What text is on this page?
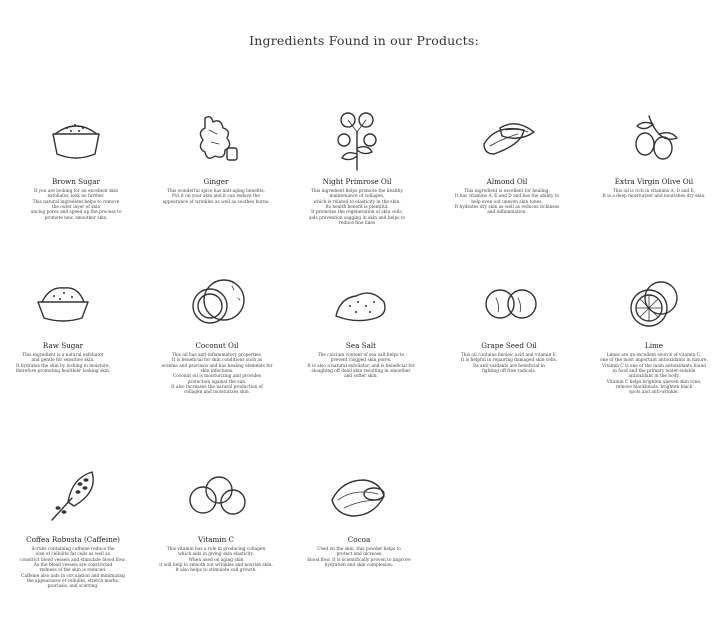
Ingredients Found in our Products:
Brown Sugar
If you are looking for an excellent skin
exfoliator, look no further.
This natural ingredient helps to remove
the outer layer of skin
unclog pores and speed up the process to
promote new, smoother skin.
Ginger
This wonderful spice has anti-aging benefits.
Put it on your skin and it can reduce the
appearance of wrinkles as well as soothes burns.
Night Primrose Oil
This ingredient helps promote the healthy
maintenance of collagen,
which is related to elasticity in the skin.
Its health benefit is plentiful.
It promotes the regeneration of skin cells,
aids prevention sagging in skin and helps to
reduce fine lines
Almond Oil
This ingredient is excellent for healing.
It has vitamins A, E and D and has the ability to
help even out uneven skin tones.
It hydrates dry skin as well as reduces itchiness
and inflammation.
Extra Virgin Olive Oil
This oil is rich in vitamins A, D and E.
It is a deep moisturizer and nourishes dry skin.
Raw Sugar
This ingredient is a natural exfoliator
and gentle for sensitive skin.
It hydrates the skin by locking in moisture,
therefore promoting healthier looking skin.
Coconut Oil
This oil has anti-inflammatory properties.
It is beneficial for skin conditions such as
eczema and psoriasis and has healing elements for
skin infections.
Coconut oil is moisturizing and provides
protection against the sun.
It also increases the natural production of
collagen and moisturizes skin.
Sea Salt
The calcium content of sea salt helps to
prevent clogged skin pores.
It is also a natural exfoliator, and is beneficial for
sloughing off dead skin resulting in smoother
and softer skin.
Grape Seed Oil
This oil contains linoleic acid and vitamin E.
It is helpful in repairing damaged skin cells.
Its anti-oxidants are beneficial in
fighting off free radicals.
Lime
Limes are an excellent source of vitamin C,
one of the most important antioxidants in nature.
Vitamin C is one of the main antioxidants found
in food and the primary water-soluble
antioxidant in the body.
Vitamin C helps brighten uneven skin tone,
remove blackheads, brighten black
spots and anti-wrinkle.
Coffea Robusta (Caffeine)
Scrubs containing caffeine reduce the
size of cellulite fat cells as well as
constrict blood vessels and stimulate blood flow.
As the blood vessels are constricted
redness of the skin is reduced.
Caffeine also aids in circulation and minimizing
the appearance of cellulite, stretch marks,
psoriasis, and scarring.
Vitamin C
This vitamin has a role in producing collagen
which aids in giving skin elasticity.
When used on aging skin
it will help to smooth out wrinkles and nourish skin.
It also helps to stimulate cell growth.
Cocoa
Used on the skin, this powder helps to
protect and increase
blood flow. It is scientifically proven to improve
hydration and skin complexion.
